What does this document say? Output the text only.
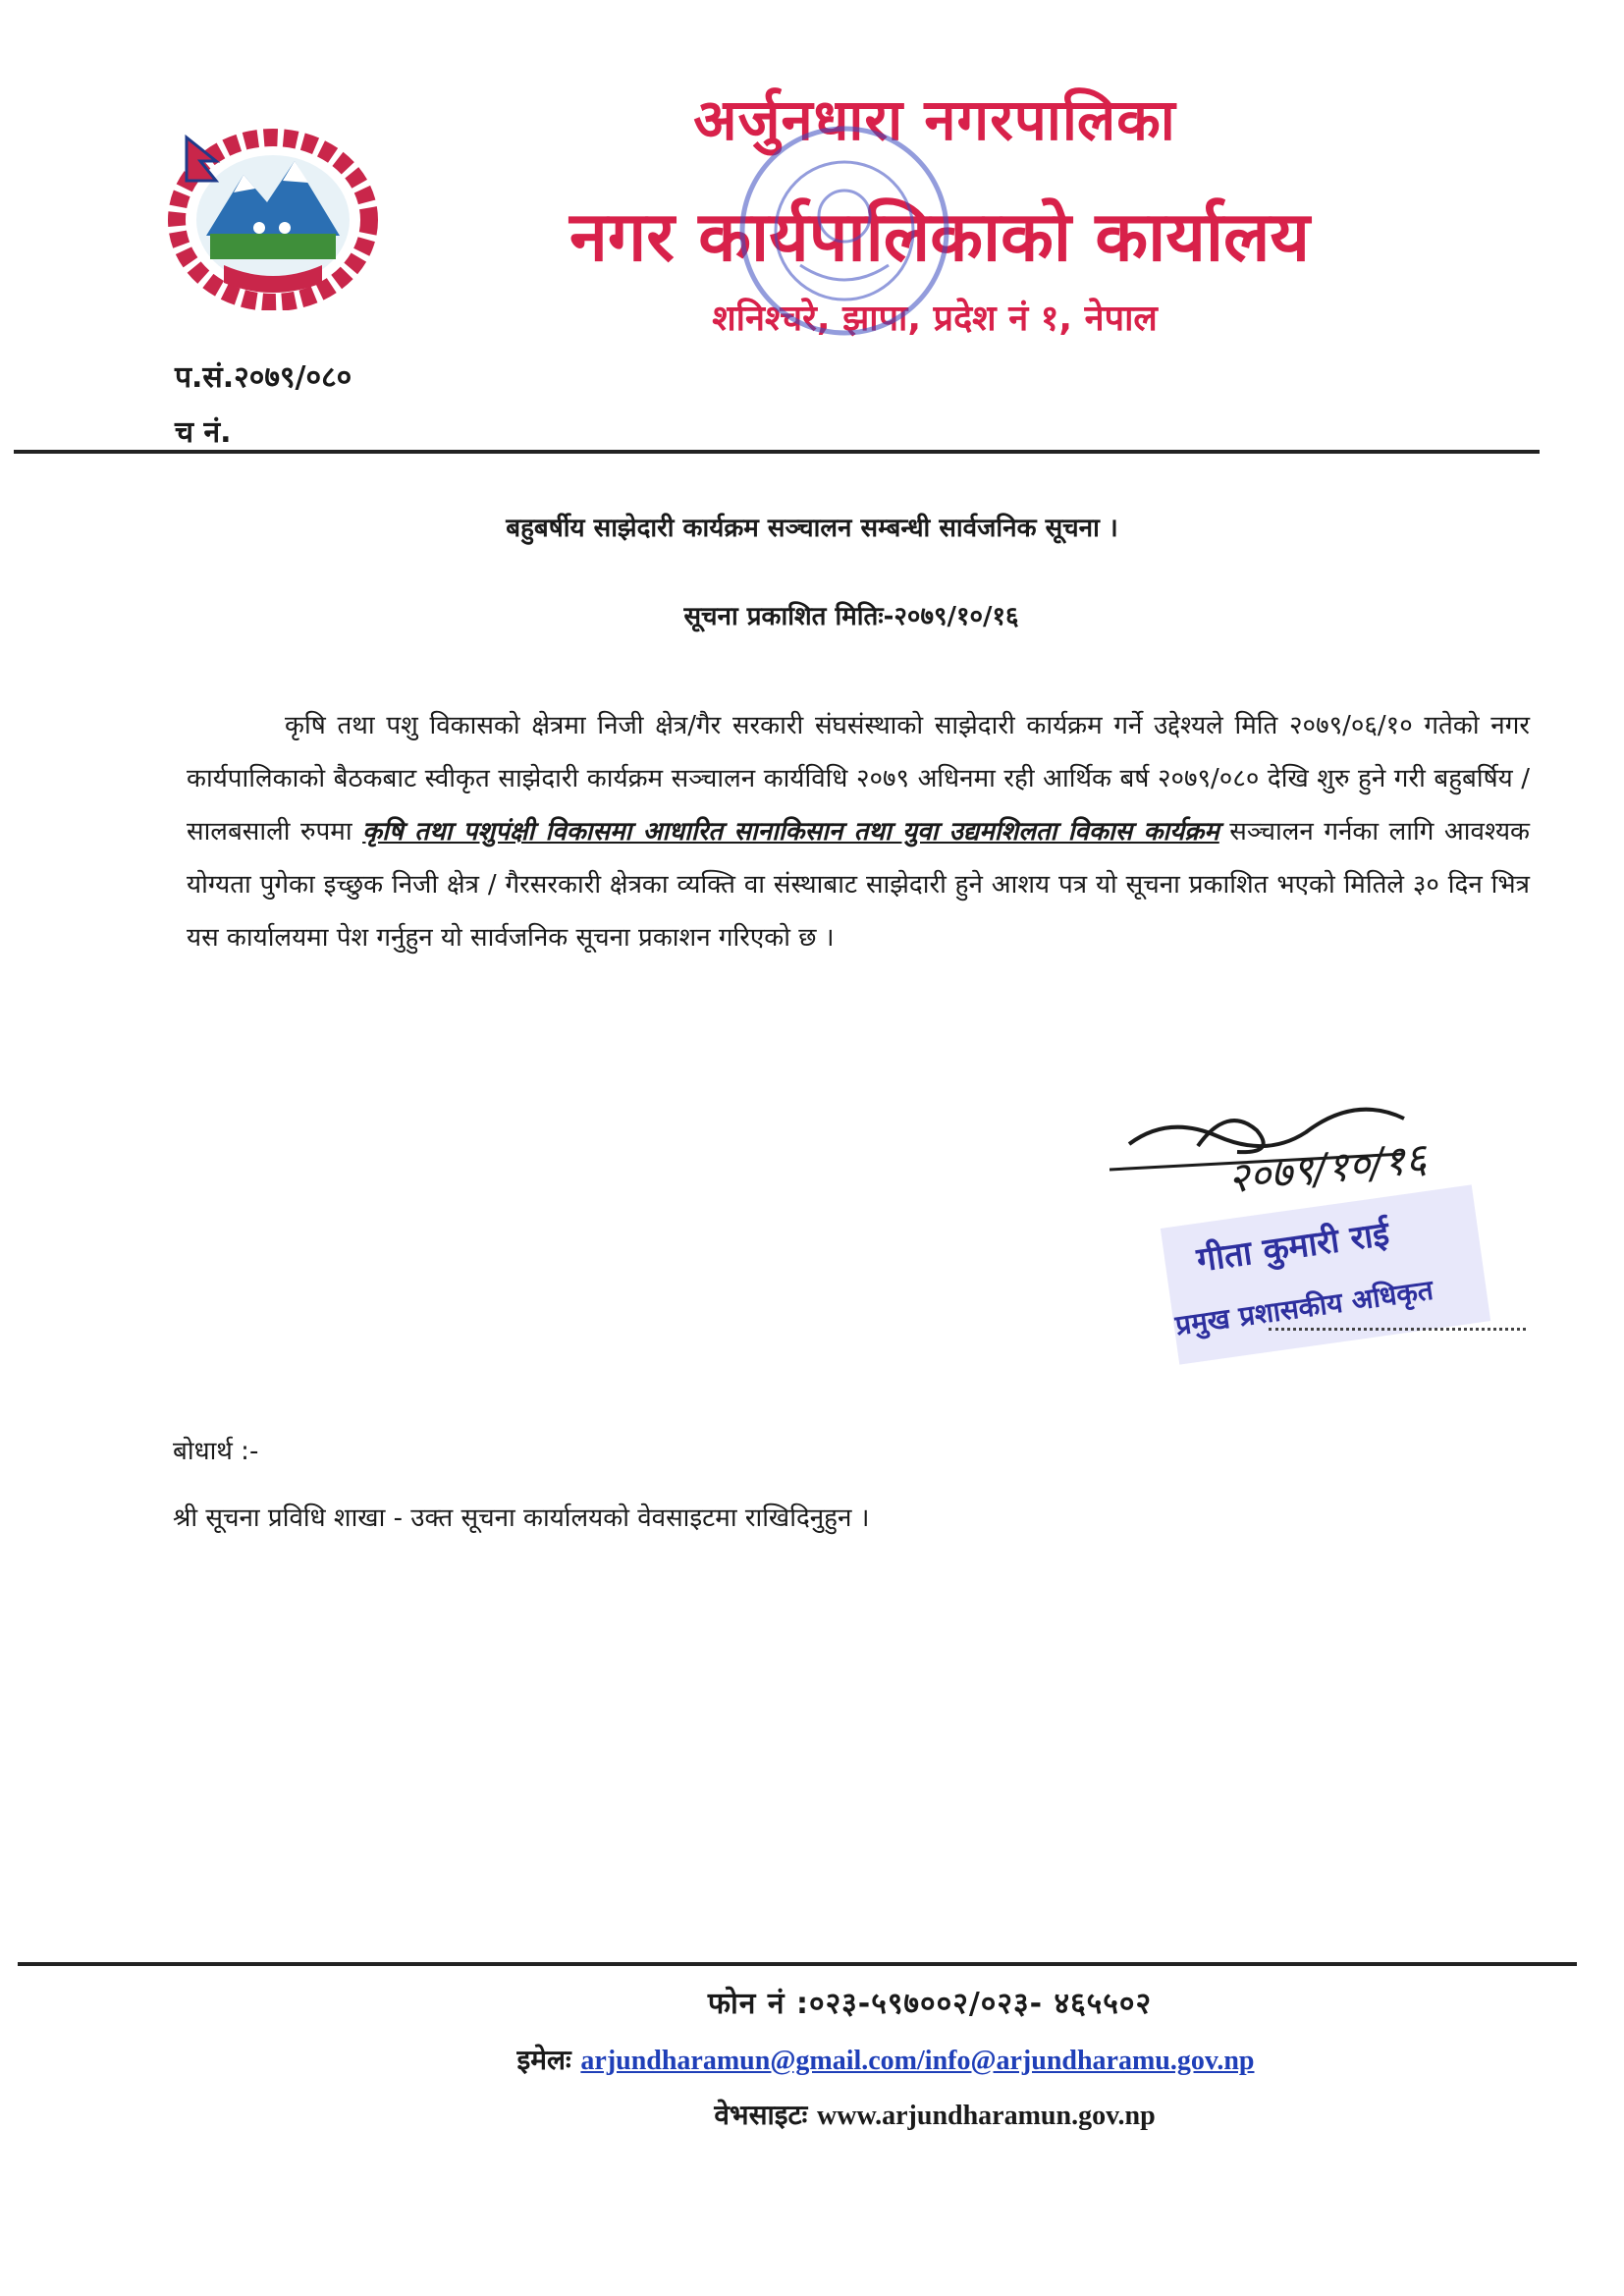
अर्जुनधारा नगरपालिका
नगर कार्यपालिकाको कार्यालय
शनिश्चरे, झापा, प्रदेश नं १, नेपाल
प.सं.२०७९/०८०
च नं.
बहुबर्षीय साझेदारी कार्यक्रम सञ्चालन सम्बन्धी सार्वजनिक सूचना ।
सूचना प्रकाशित मितिः-२०७९/१०/१६
कृषि तथा पशु विकासको क्षेत्रमा निजी क्षेत्र/गैर सरकारी संघसंस्थाको साझेदारी कार्यक्रम गर्ने उद्देश्यले मिति २०७९/०६/१० गतेको नगर कार्यपालिकाको बैठकबाट स्वीकृत साझेदारी कार्यक्रम सञ्चालन कार्यविधि २०७९ अधिनमा रही आर्थिक बर्ष २०७९/०८० देखि शुरु हुने गरी बहुबर्षिय /सालबसाली रुपमा कृषि तथा पशुपंक्षी विकासमा आधारित सानाकिसान तथा युवा उद्यमशिलता विकास कार्यक्रम सञ्चालन गर्नका लागि आवश्यक योग्यता पुगेका इच्छुक निजी क्षेत्र / गैरसरकारी क्षेत्रका व्यक्ति वा संस्थाबाट साझेदारी हुने आशय पत्र यो सूचना प्रकाशित भएको मितिले ३० दिन भित्र यस कार्यालयमा पेश गर्नुहुन यो सार्वजनिक सूचना प्रकाशन गरिएको छ ।
२०७९/१०/१६
गीता कुमारी राई
प्रमुख प्रशासकीय अधिकृत
बोधार्थ :-
श्री सूचना प्रविधि शाखा - उक्त सूचना कार्यालयको वेवसाइटमा राखिदिनुहुन ।
फोन नं :०२३-५९७००२/०२३- ४६५५०२
इमेलः arjundharamun@gmail.com/info@arjundharamu.gov.np
वेभसाइटः www.arjundharamun.gov.np
